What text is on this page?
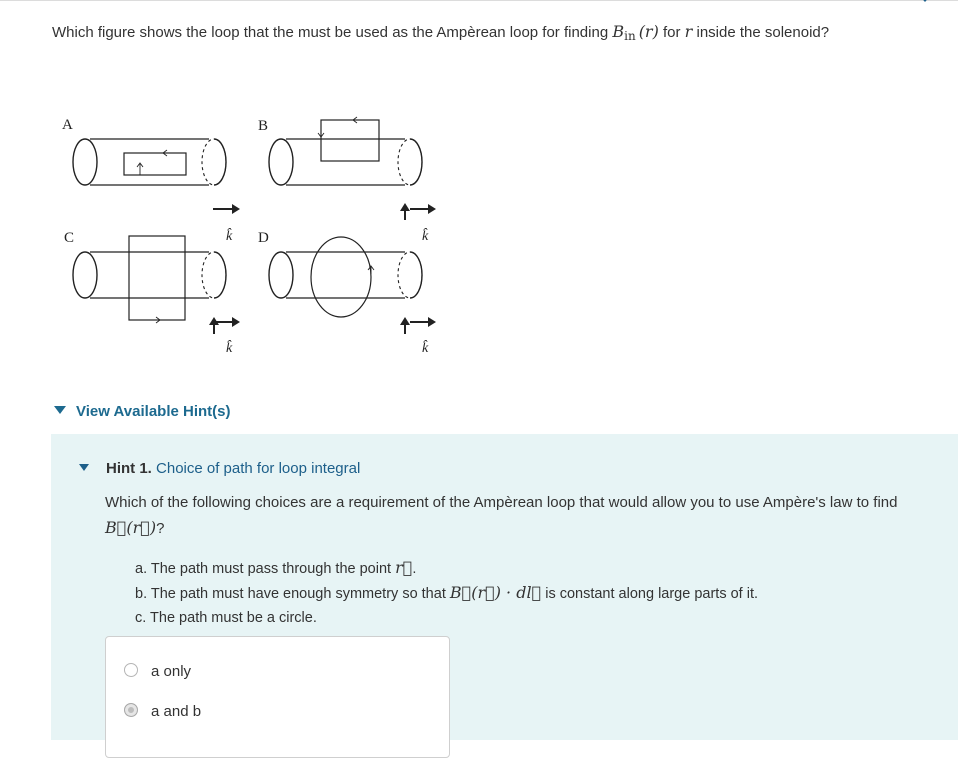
Which figure shows the loop that the must be used as the Ampèrean loop for finding $B_{in}$ (r) for r inside the solenoid?
k̂	k̂
k̂	k̂
A	B
C	D
View Available Hint(s)
Hint 1. Choice of path for loop integral
Which of the following choices are a requirement of the Ampèrean loop that would allow you to use Ampère's law to find B⃗(r⃗)?
a. The path must pass through the point r⃗.
b. The path must have enough symmetry so that B⃗(r⃗) · dl⃗ is constant along large parts of it.
c. The path must be a circle.
a only
a and b
